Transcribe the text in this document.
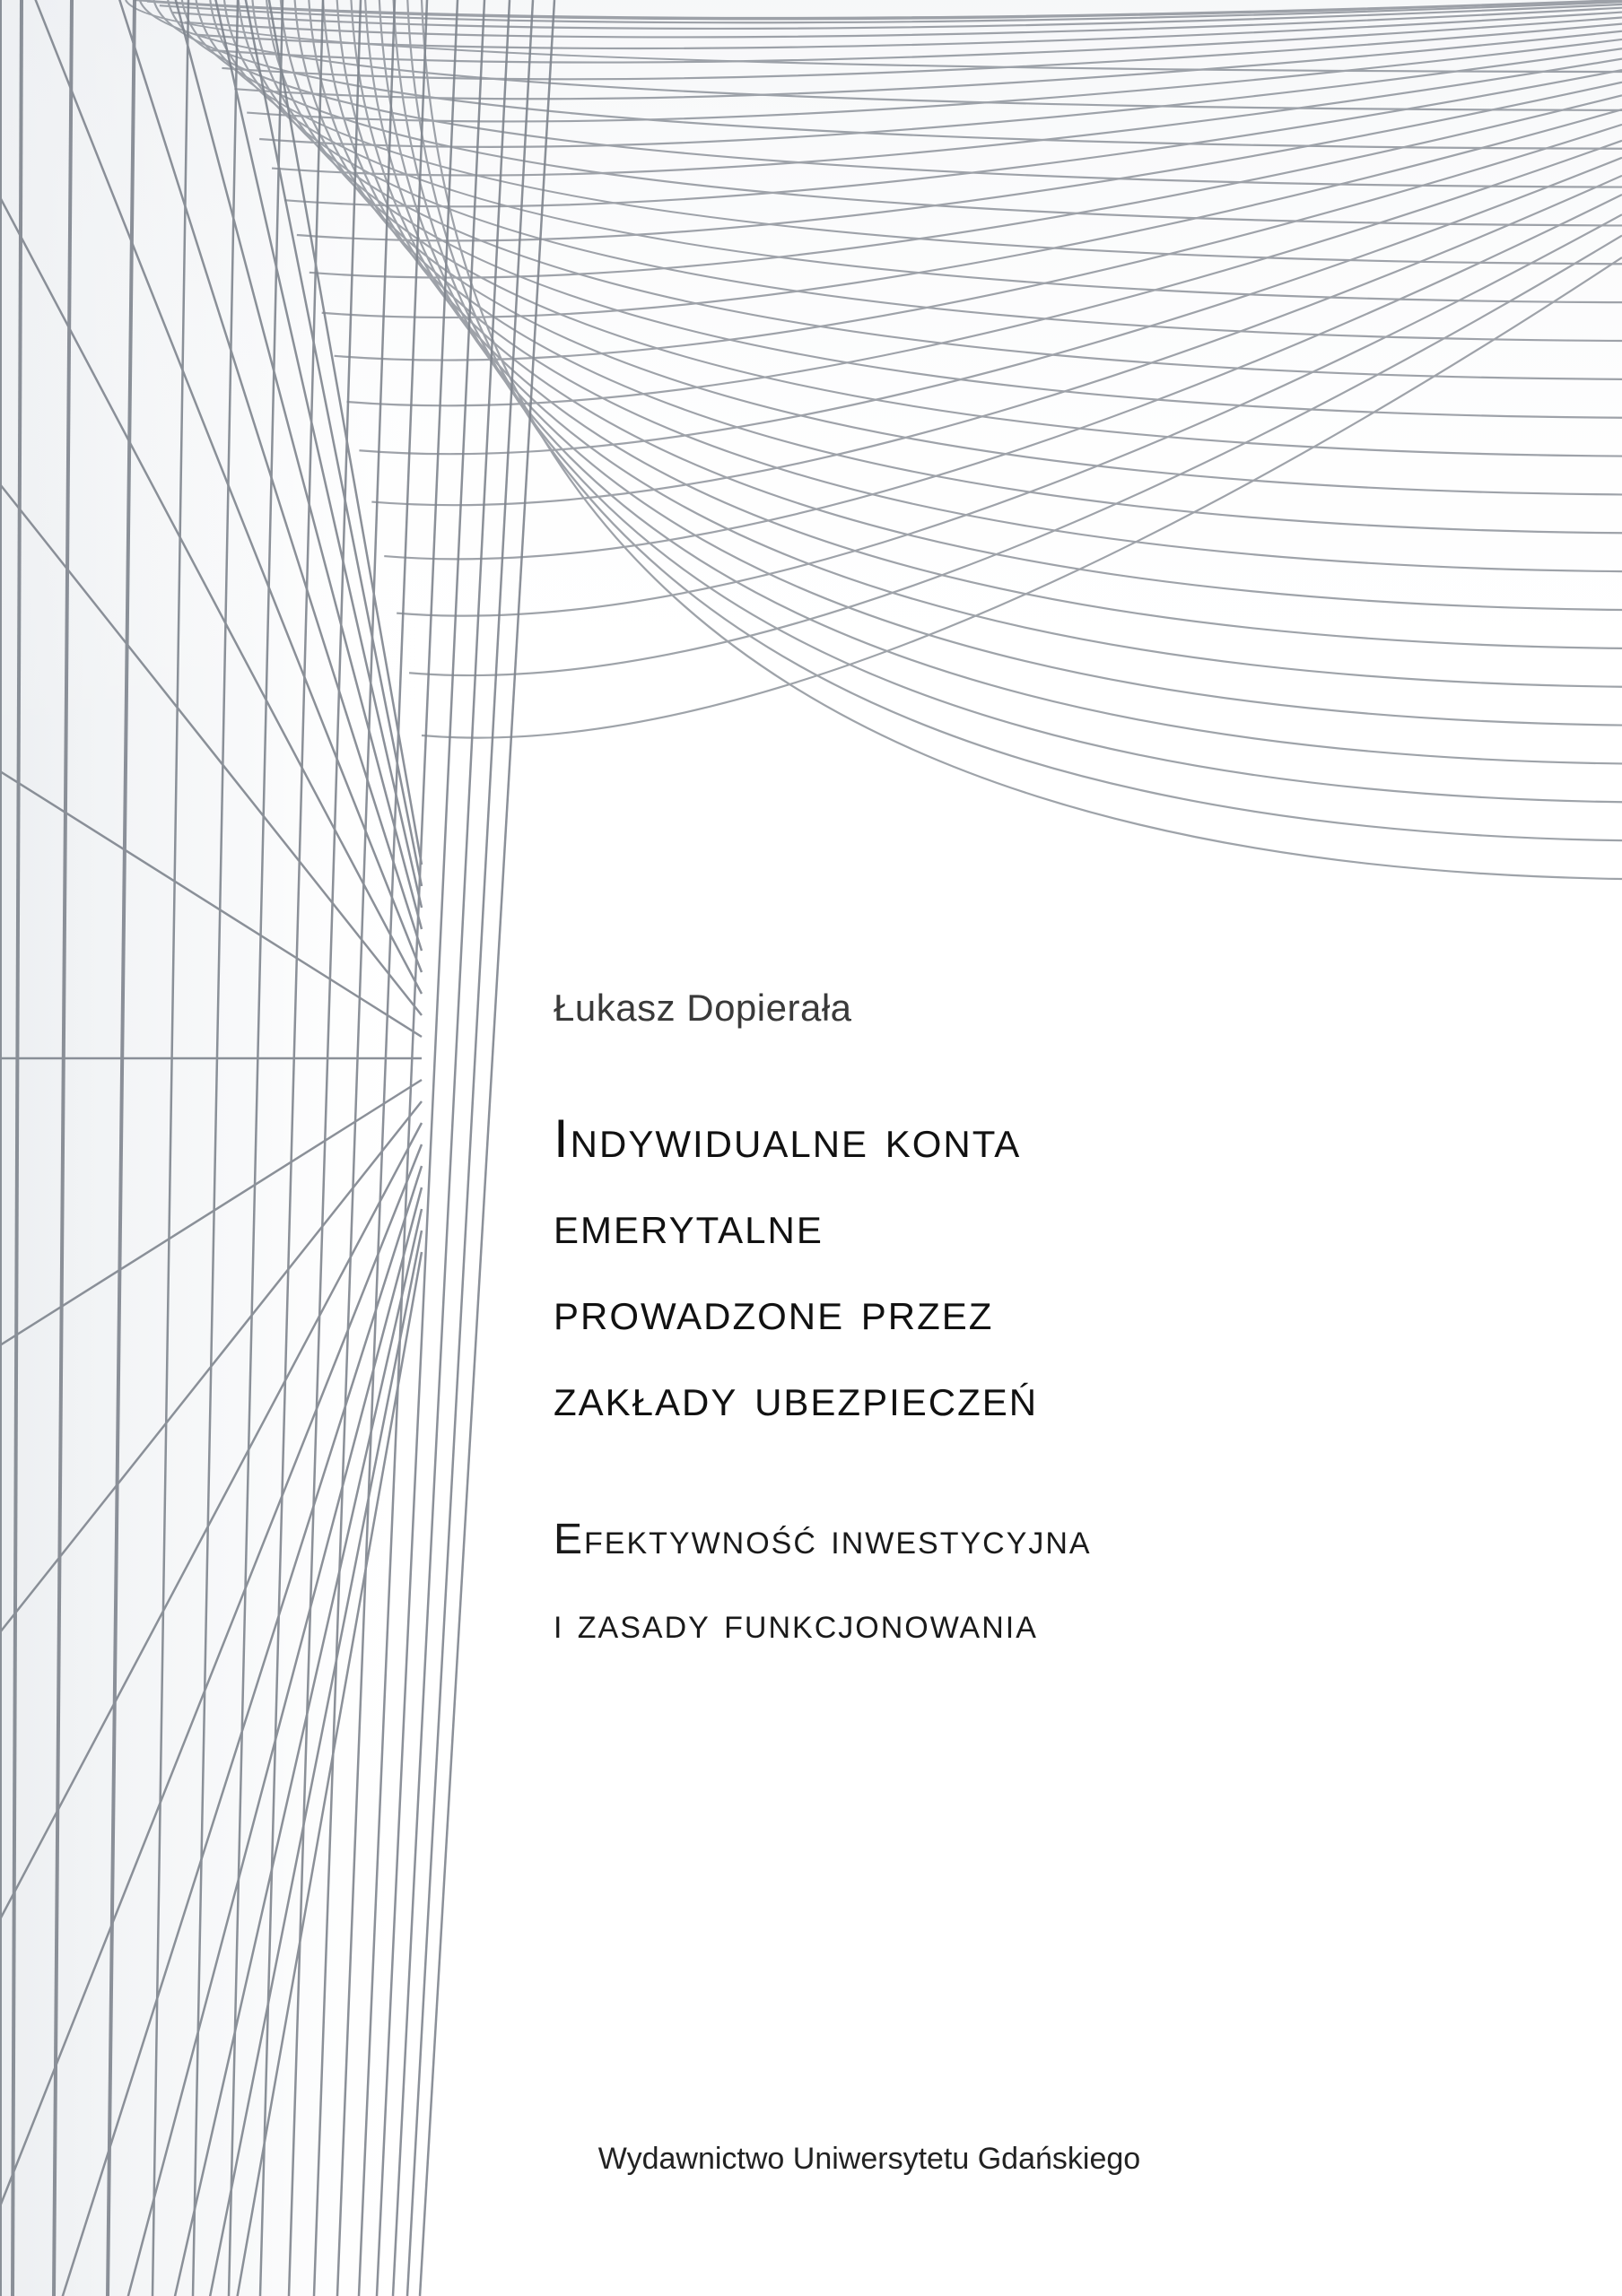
Łukasz Dopierała
Indywidualne konta
emerytalne
prowadzone przez
zakłady ubezpieczeń
Efektywność inwestycyjna
i zasady funkcjonowania
Wydawnictwo Uniwersytetu Gdańskiego
